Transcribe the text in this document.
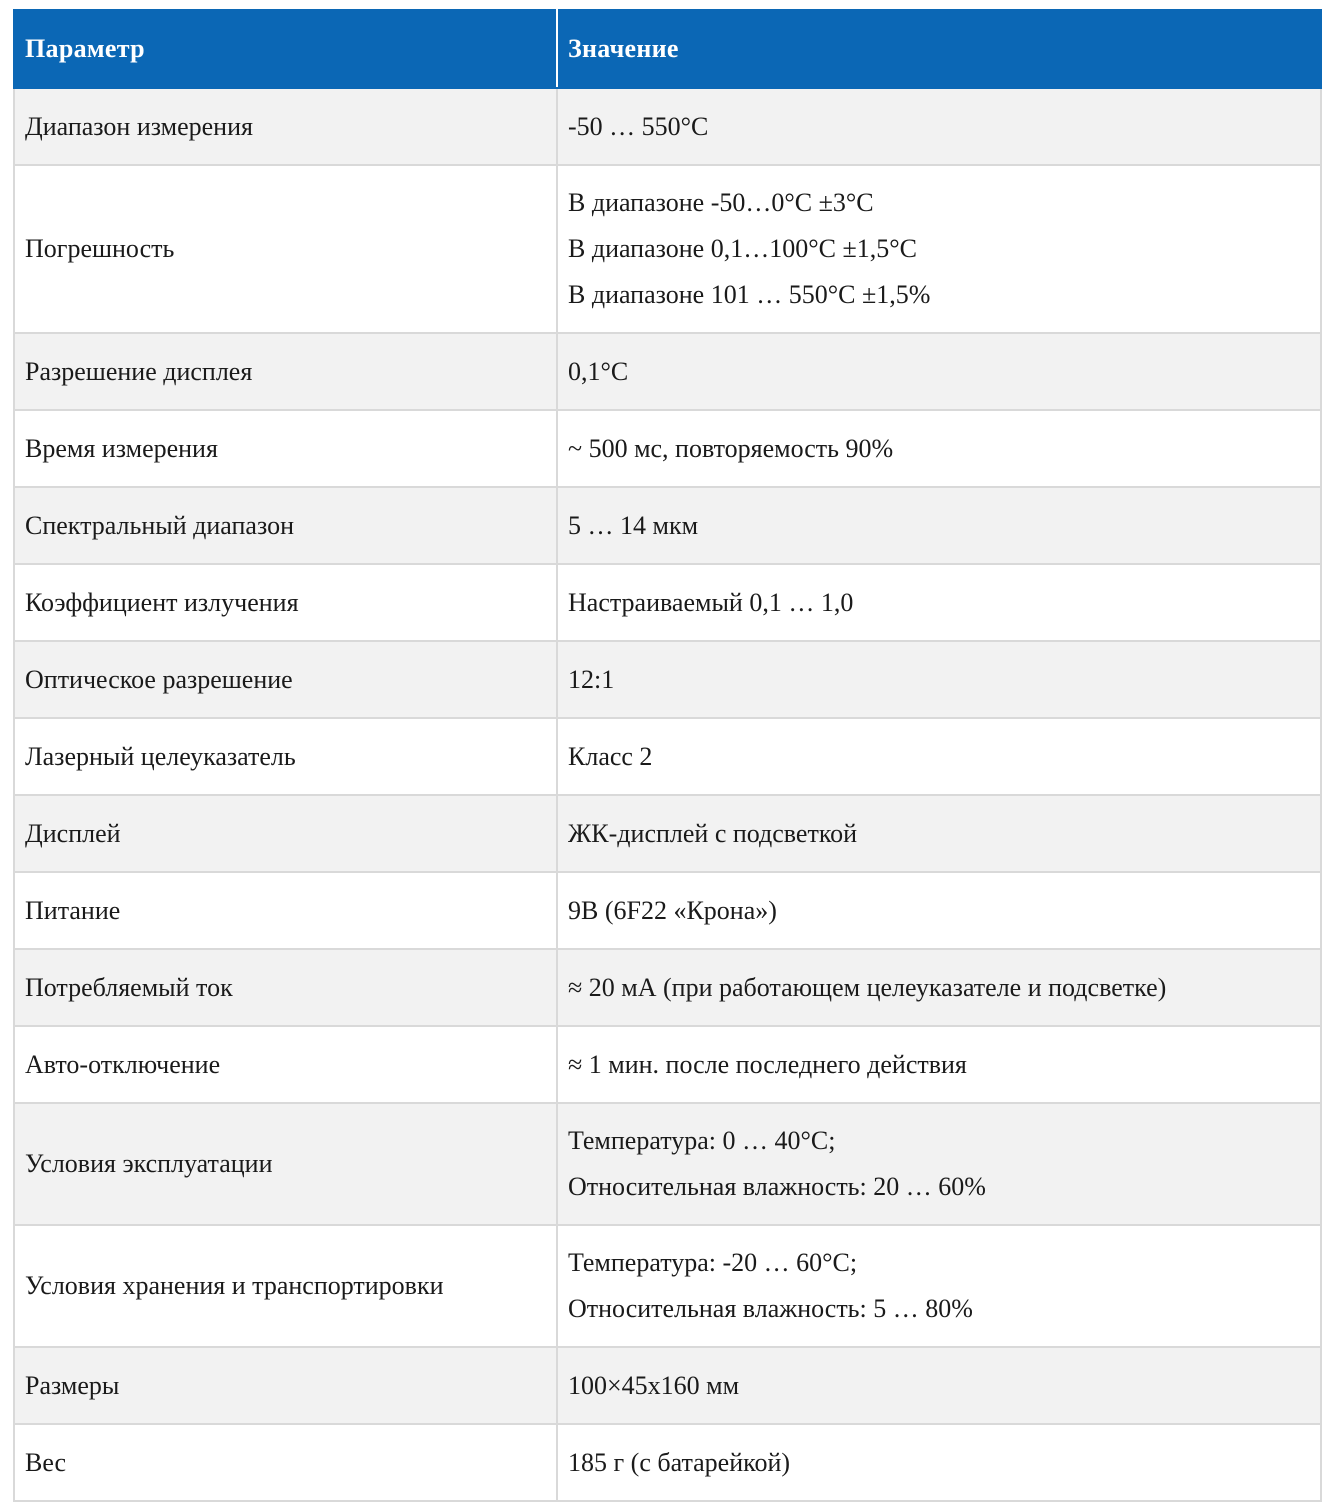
Параметр	Значение
Диапазон измерения	-50 … 550°С

Погрешность	В диапазоне -50…0°С ±3°С
В диапазоне 0,1…100°С ±1,5°С
В диапазоне 101 … 550°С ±1,5%

Разрешение дисплея	0,1°С

Время измерения	~ 500 мс, повторяемость 90%

Спектральный диапазон	5 … 14 мкм

Коэффициент излучения	Настраиваемый 0,1 … 1,0

Оптическое разрешение	12:1

Лазерный целеуказатель	Класс 2

Дисплей	ЖК-дисплей с подсветкой

Питание	9В (6F22 «Крона»)

Потребляемый ток	≈ 20 мА (при работающем целеуказателе и подсветке)

Авто-отключение	≈ 1 мин. после последнего действия

Условия эксплуатации	Температура: 0 … 40°С;
Относительная влажность: 20 … 60%

Условия хранения и транспортировки	Температура: -20 … 60°С;
Относительная влажность: 5 … 80%

Размеры	100×45х160 мм

Вес	185 г (с батарейкой)
